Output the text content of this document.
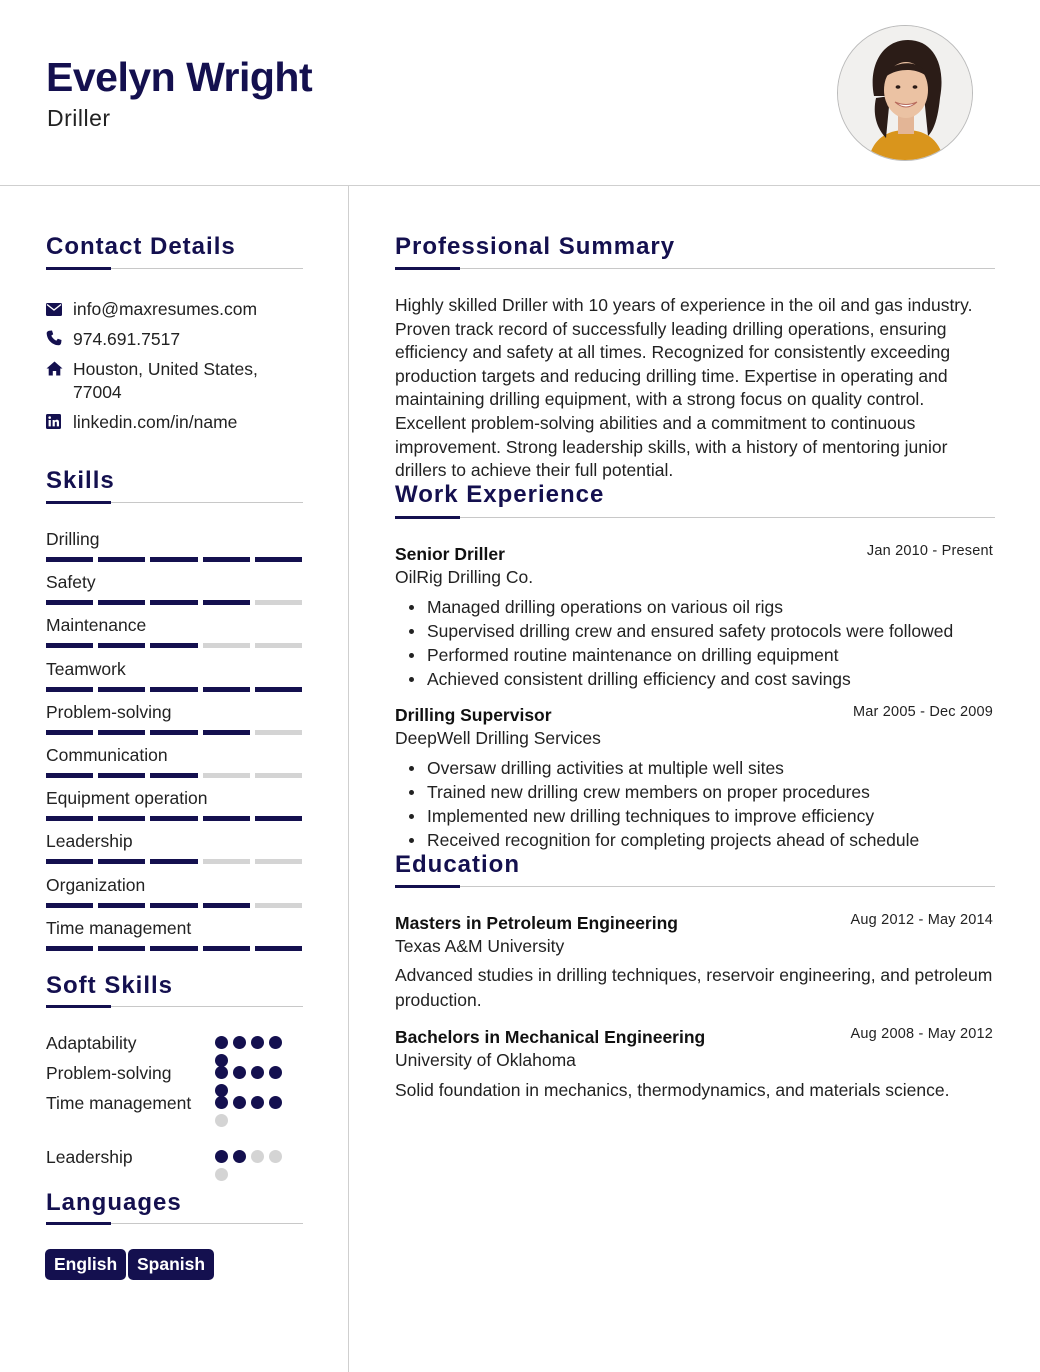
Evelyn Wright
Driller
Contact Details
info@maxresumes.com
974.691.7517
Houston, United States, 77004
linkedin.com/in/name
Skills
Drilling
Safety
Maintenance
Teamwork
Problem-solving
Communication
Equipment operation
Leadership
Organization
Time management
Soft Skills
Adaptability
Problem-solving
Time management
Leadership
Languages
English	Spanish
Professional Summary
Highly skilled Driller with 10 years of experience in the oil and gas industry. Proven track record of successfully leading drilling operations, ensuring efficiency and safety at all times. Recognized for consistently exceeding production targets and reducing drilling time. Expertise in operating and maintaining drilling equipment, with a strong focus on quality control. Excellent problem-solving abilities and a commitment to continuous improvement. Strong leadership skills, with a history of mentoring junior drillers to achieve their full potential.
Work Experience
Senior Driller	Jan 2010 - Present
OilRig Drilling Co.
Managed drilling operations on various oil rigs
Supervised drilling crew and ensured safety protocols were followed
Performed routine maintenance on drilling equipment
Achieved consistent drilling efficiency and cost savings
Drilling Supervisor	Mar 2005 - Dec 2009
DeepWell Drilling Services
Oversaw drilling activities at multiple well sites
Trained new drilling crew members on proper procedures
Implemented new drilling techniques to improve efficiency
Received recognition for completing projects ahead of schedule
Education
Masters in Petroleum Engineering	Aug 2012 - May 2014
Texas A&M University
Advanced studies in drilling techniques, reservoir engineering, and petroleum production.
Bachelors in Mechanical Engineering	Aug 2008 - May 2012
University of Oklahoma
Solid foundation in mechanics, thermodynamics, and materials science.
